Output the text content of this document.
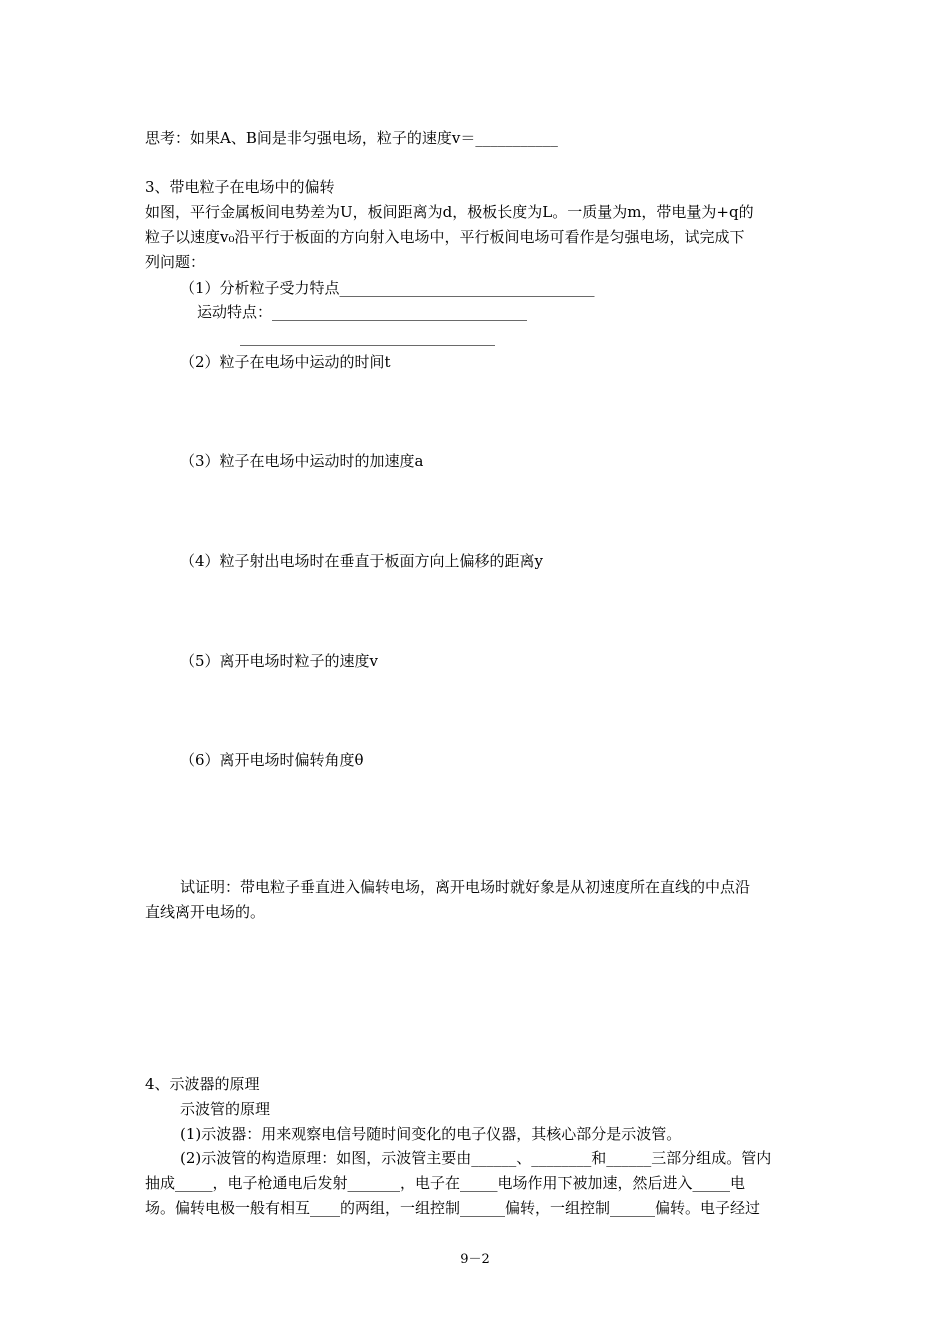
思考：如果A、B间是非匀强电场，粒子的速度v＝___________
3、带电粒子在电场中的偏转
如图，平行金属板间电势差为U，板间距离为d，极板长度为L。一质量为m，带电量为+q的
粒子以速度v₀沿平行于板面的方向射入电场中，平行板间电场可看作是匀强电场，试完成下
列问题：
（1）分析粒子受力特点__________________________________
运动特点：__________________________________
__________________________________
（2）粒子在电场中运动的时间t
（3）粒子在电场中运动时的加速度a
（4）粒子射出电场时在垂直于板面方向上偏移的距离y
（5）离开电场时粒子的速度v
（6）离开电场时偏转角度θ
试证明：带电粒子垂直进入偏转电场，离开电场时就好象是从初速度所在直线的中点沿
直线离开电场的。
4、示波器的原理
示波管的原理
(1)示波器：用来观察电信号随时间变化的电子仪器，其核心部分是示波管。
(2)示波管的构造原理：如图，示波管主要由______、________和______三部分组成。管内
抽成_____，电子枪通电后发射_______，电子在_____电场作用下被加速，然后进入_____电
场。偏转电极一般有相互____的两组，一组控制______偏转，一组控制______偏转。电子经过
9－2
